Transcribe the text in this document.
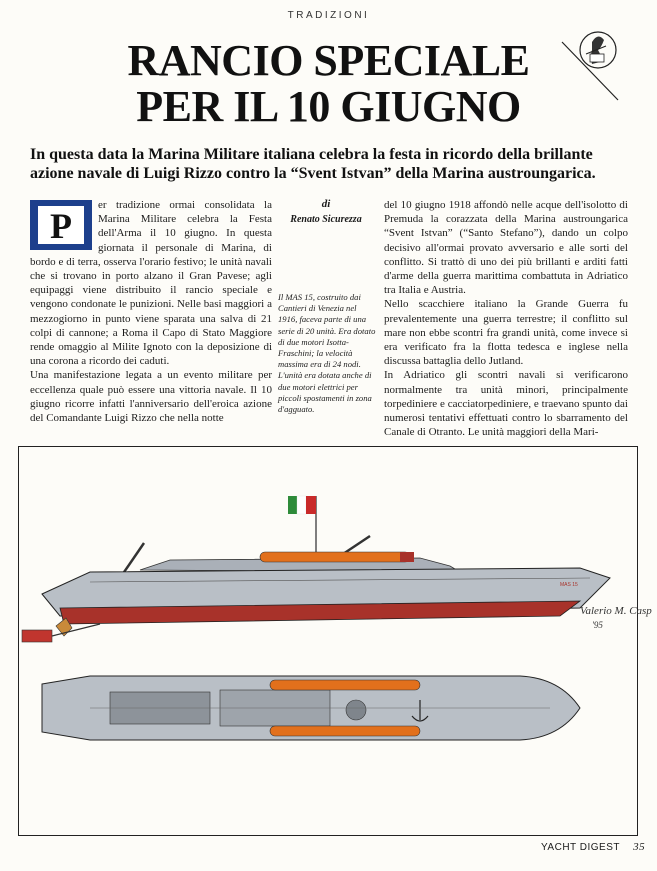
TRADIZIONI
RANCIO SPECIALE
PER IL 10 GIUGNO
In questa data la Marina Militare italiana celebra la festa in ricordo della brillante azione navale di Luigi Rizzo contro la “Svent Istvan” della Marina austroungarica.
P

er tradizione ormai consolidata la Marina Militare celebra la Festa dell'Arma il 10 giugno. In questa giornata il personale di Marina, di bordo e di terra, osserva l'orario festivo; le unità navali che si trovano in porto alzano il Gran Pavese; agli equipaggi viene distribuito il rancio speciale e vengono condonate le punizioni. Nelle basi maggiori a mezzogiorno in punto viene sparata una salva di 21 colpi di cannone; a Roma il Capo di Stato Maggiore rende omaggio al Milite Ignoto con la deposizione di una corona a ricordo dei caduti.

Una manifestazione legata a un evento militare per eccellenza quale può essere una vittoria navale. Il 10 giugno ricorre infatti l'anniversario dell'eroica azione del Comandante Luigi Rizzo che nella notte

di
Renato Sicurezza
Il MAS 15, costruito dai Cantieri di Venezia nel 1916, faceva parte di una serie di 20 unità. Era dotato di due motori Isotta-Fraschini; la velocità massima era di 24 nodi. L'unità era dotata anche di due motori elettrici per piccoli spostamenti in zona d'agguato.

del 10 giugno 1918 affondò nelle acque dell'isolotto di Premuda la corazzata della Marina austroungarica “Svent Istvan” (“Santo Stefano”), dando un colpo decisivo all'ormai provato avversario e alle sorti del conflitto. Si trattò di uno dei più brillanti e arditi fatti d'arme della guerra marittima combattuta in Adriatico tra Italia e Austria.

Nello scacchiere italiano la Grande Guerra fu prevalentemente una guerra terrestre; il conflitto sul mare non ebbe scontri fra grandi unità, come invece si era verificato fra la flotta tedesca e inglese nella discussa battaglia dello Jutland.

In Adriatico gli scontri navali si verificarono normalmente tra unità minori, principalmente torpediniere e cacciatorpediniere, e traevano spunto dai numerosi tentativi effettuati contro lo sbarramento del Canale di Otranto. Le unità maggiori della Mari-

MAS 15
Valerio M. Casp
'95
YACHT DIGEST 35
